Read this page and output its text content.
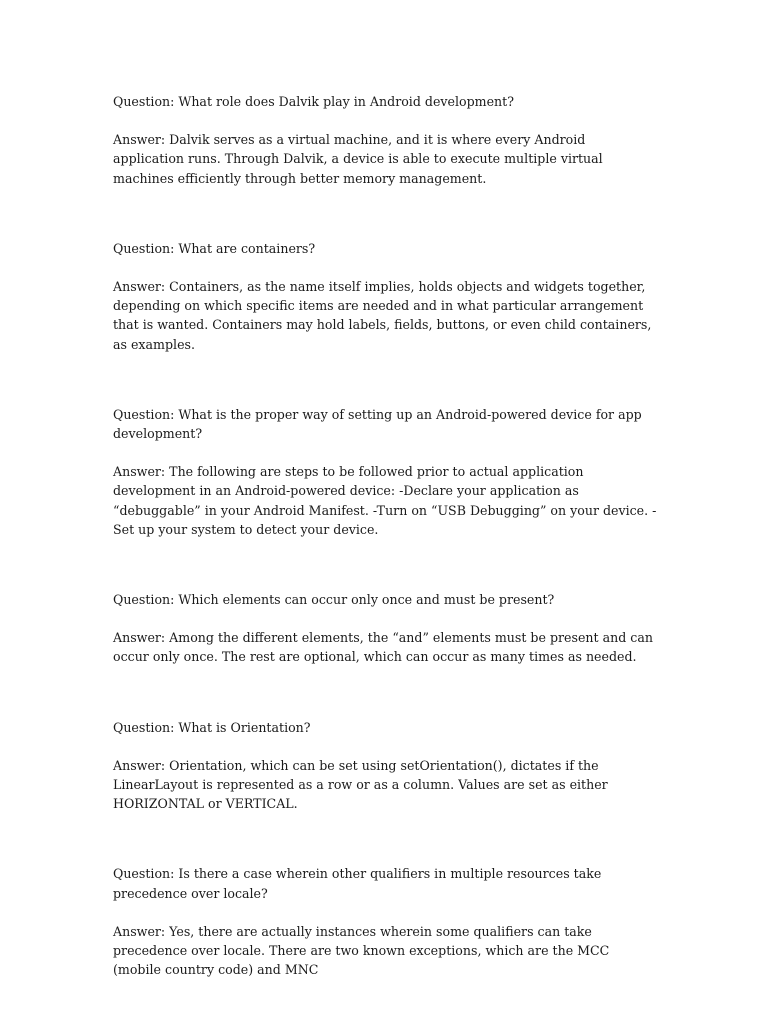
Question: What role does Dalvik play in Android development?

Answer: Dalvik serves as a virtual machine, and it is where every Android application runs. Through Dalvik, a device is able to execute multiple virtual machines efficiently through better memory management.

Question: What are containers?

Answer: Containers, as the name itself implies, holds objects and widgets together, depending on which specific items are needed and in what particular arrangement that is wanted. Containers may hold labels, fields, buttons, or even child containers, as examples.

Question: What is the proper way of setting up an Android-powered device for app development?

Answer: The following are steps to be followed prior to actual application development in an Android-powered device: -Declare your application as “debuggable” in your Android Manifest. -Turn on “USB Debugging” on your device. -Set up your system to detect your device.

Question: Which elements can occur only once and must be present?

Answer: Among the different elements, the “and” elements must be present and can occur only once. The rest are optional, which can occur as many times as needed.

Question: What is Orientation?

Answer: Orientation, which can be set using setOrientation(), dictates if the LinearLayout is represented as a row or as a column. Values are set as either HORIZONTAL or VERTICAL.

Question: Is there a case wherein other qualifiers in multiple resources take precedence over locale?

Answer: Yes, there are actually instances wherein some qualifiers can take precedence over locale. There are two known exceptions, which are the MCC (mobile country code) and MNC
